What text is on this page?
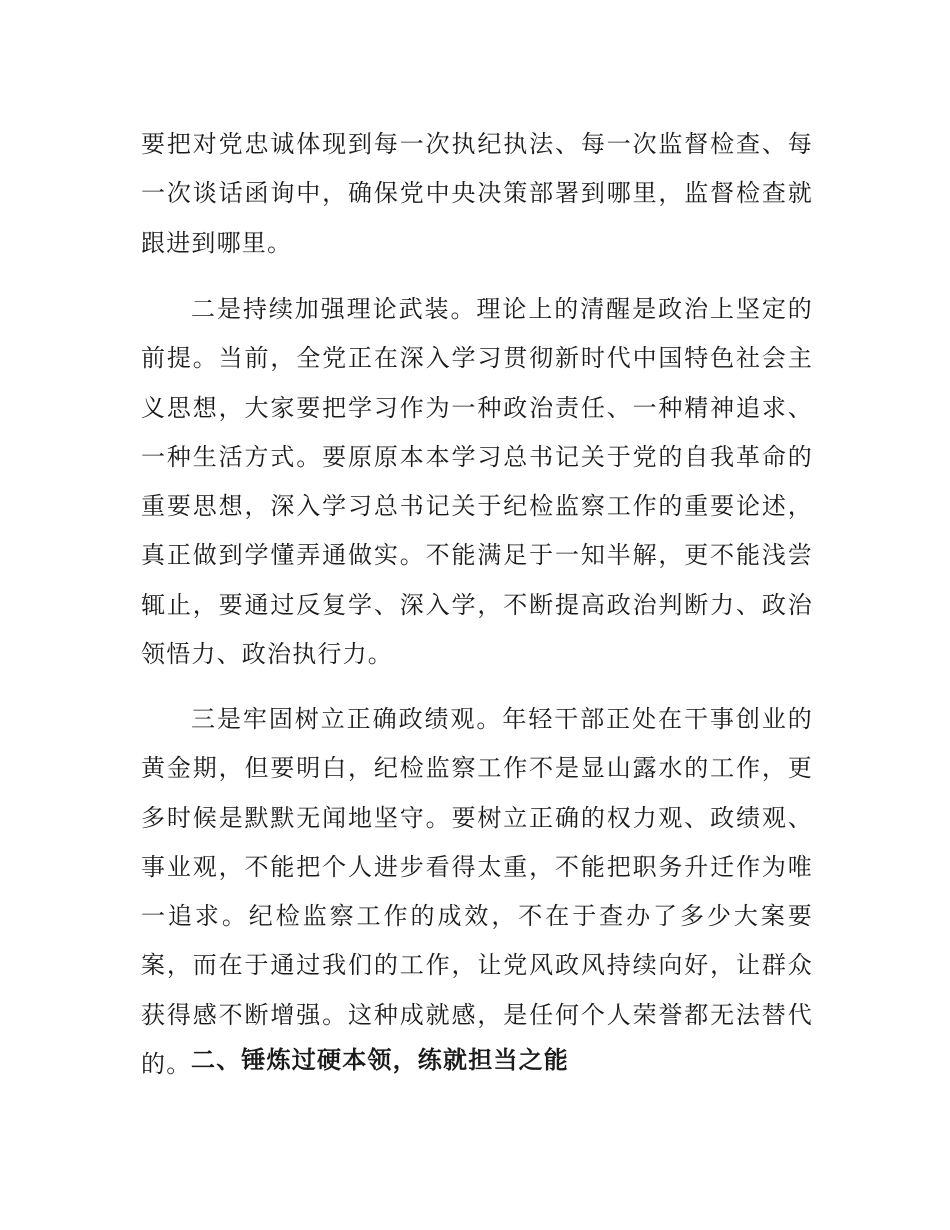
要把对党忠诚体现到每一次执纪执法、每一次监督检查、每一次谈话函询中，确保党中央决策部署到哪里，监督检查就跟进到哪里。

二是持续加强理论武装。理论上的清醒是政治上坚定的前提。当前，全党正在深入学习贯彻新时代中国特色社会主义思想，大家要把学习作为一种政治责任、一种精神追求、一种生活方式。要原原本本学习总书记关于党的自我革命的重要思想，深入学习总书记关于纪检监察工作的重要论述，真正做到学懂弄通做实。不能满足于一知半解，更不能浅尝辄止，要通过反复学、深入学，不断提高政治判断力、政治领悟力、政治执行力。

三是牢固树立正确政绩观。年轻干部正处在干事创业的黄金期，但要明白，纪检监察工作不是显山露水的工作，更多时候是默默无闻地坚守。要树立正确的权力观、政绩观、事业观，不能把个人进步看得太重，不能把职务升迁作为唯一追求。纪检监察工作的成效，不在于查办了多少大案要案，而在于通过我们的工作，让党风政风持续向好，让群众获得感不断增强。这种成就感，是任何个人荣誉都无法替代的。 二、锤炼过硬本领，练就担当之能
